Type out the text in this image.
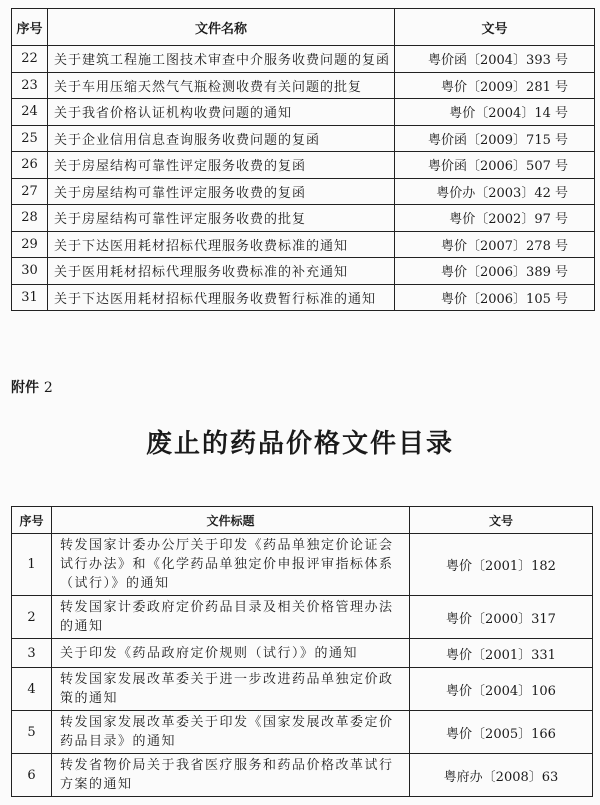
序号	文件名称	文号
22	关于建筑工程施工图技术审查中介服务收费问题的复函	粤价函〔2004〕393 号
23	关于车用压缩天然气气瓶检测收费有关问题的批复	粤价〔2009〕281 号
24	关于我省价格认证机构收费问题的通知	粤价〔2004〕14 号
25	关于企业信用信息查询服务收费问题的复函	粤价函〔2009〕715 号
26	关于房屋结构可靠性评定服务收费的复函	粤价函〔2006〕507 号
27	关于房屋结构可靠性评定服务收费的复函	粤价办〔2003〕42 号
28	关于房屋结构可靠性评定服务收费的批复	粤价〔2002〕97 号
29	关于下达医用耗材招标代理服务收费标准的通知	粤价〔2007〕278 号
30	关于医用耗材招标代理服务收费标准的补充通知	粤价〔2006〕389 号
31	关于下达医用耗材招标代理服务收费暂行标准的通知	粤价〔2006〕105 号
附件 2
废止的药品价格文件目录
序号	文件标题	文号
1	转发国家计委办公厅关于印发《药品单独定价论证会试行办法》和《化学药品单独定价申报评审指标体系（试行）》的通知	粤价〔2001〕182
2	转发国家计委政府定价药品目录及相关价格管理办法的通知	粤价〔2000〕317
3	关于印发《药品政府定价规则（试行）》的通知	粤价〔2001〕331
4	转发国家发展改革委关于进一步改进药品单独定价政策的通知	粤价〔2004〕106
5	转发国家发展改革委关于印发《国家发展改革委定价药品目录》的通知	粤价〔2005〕166
6	转发省物价局关于我省医疗服务和药品价格改革试行方案的通知	粤府办〔2008〕63
